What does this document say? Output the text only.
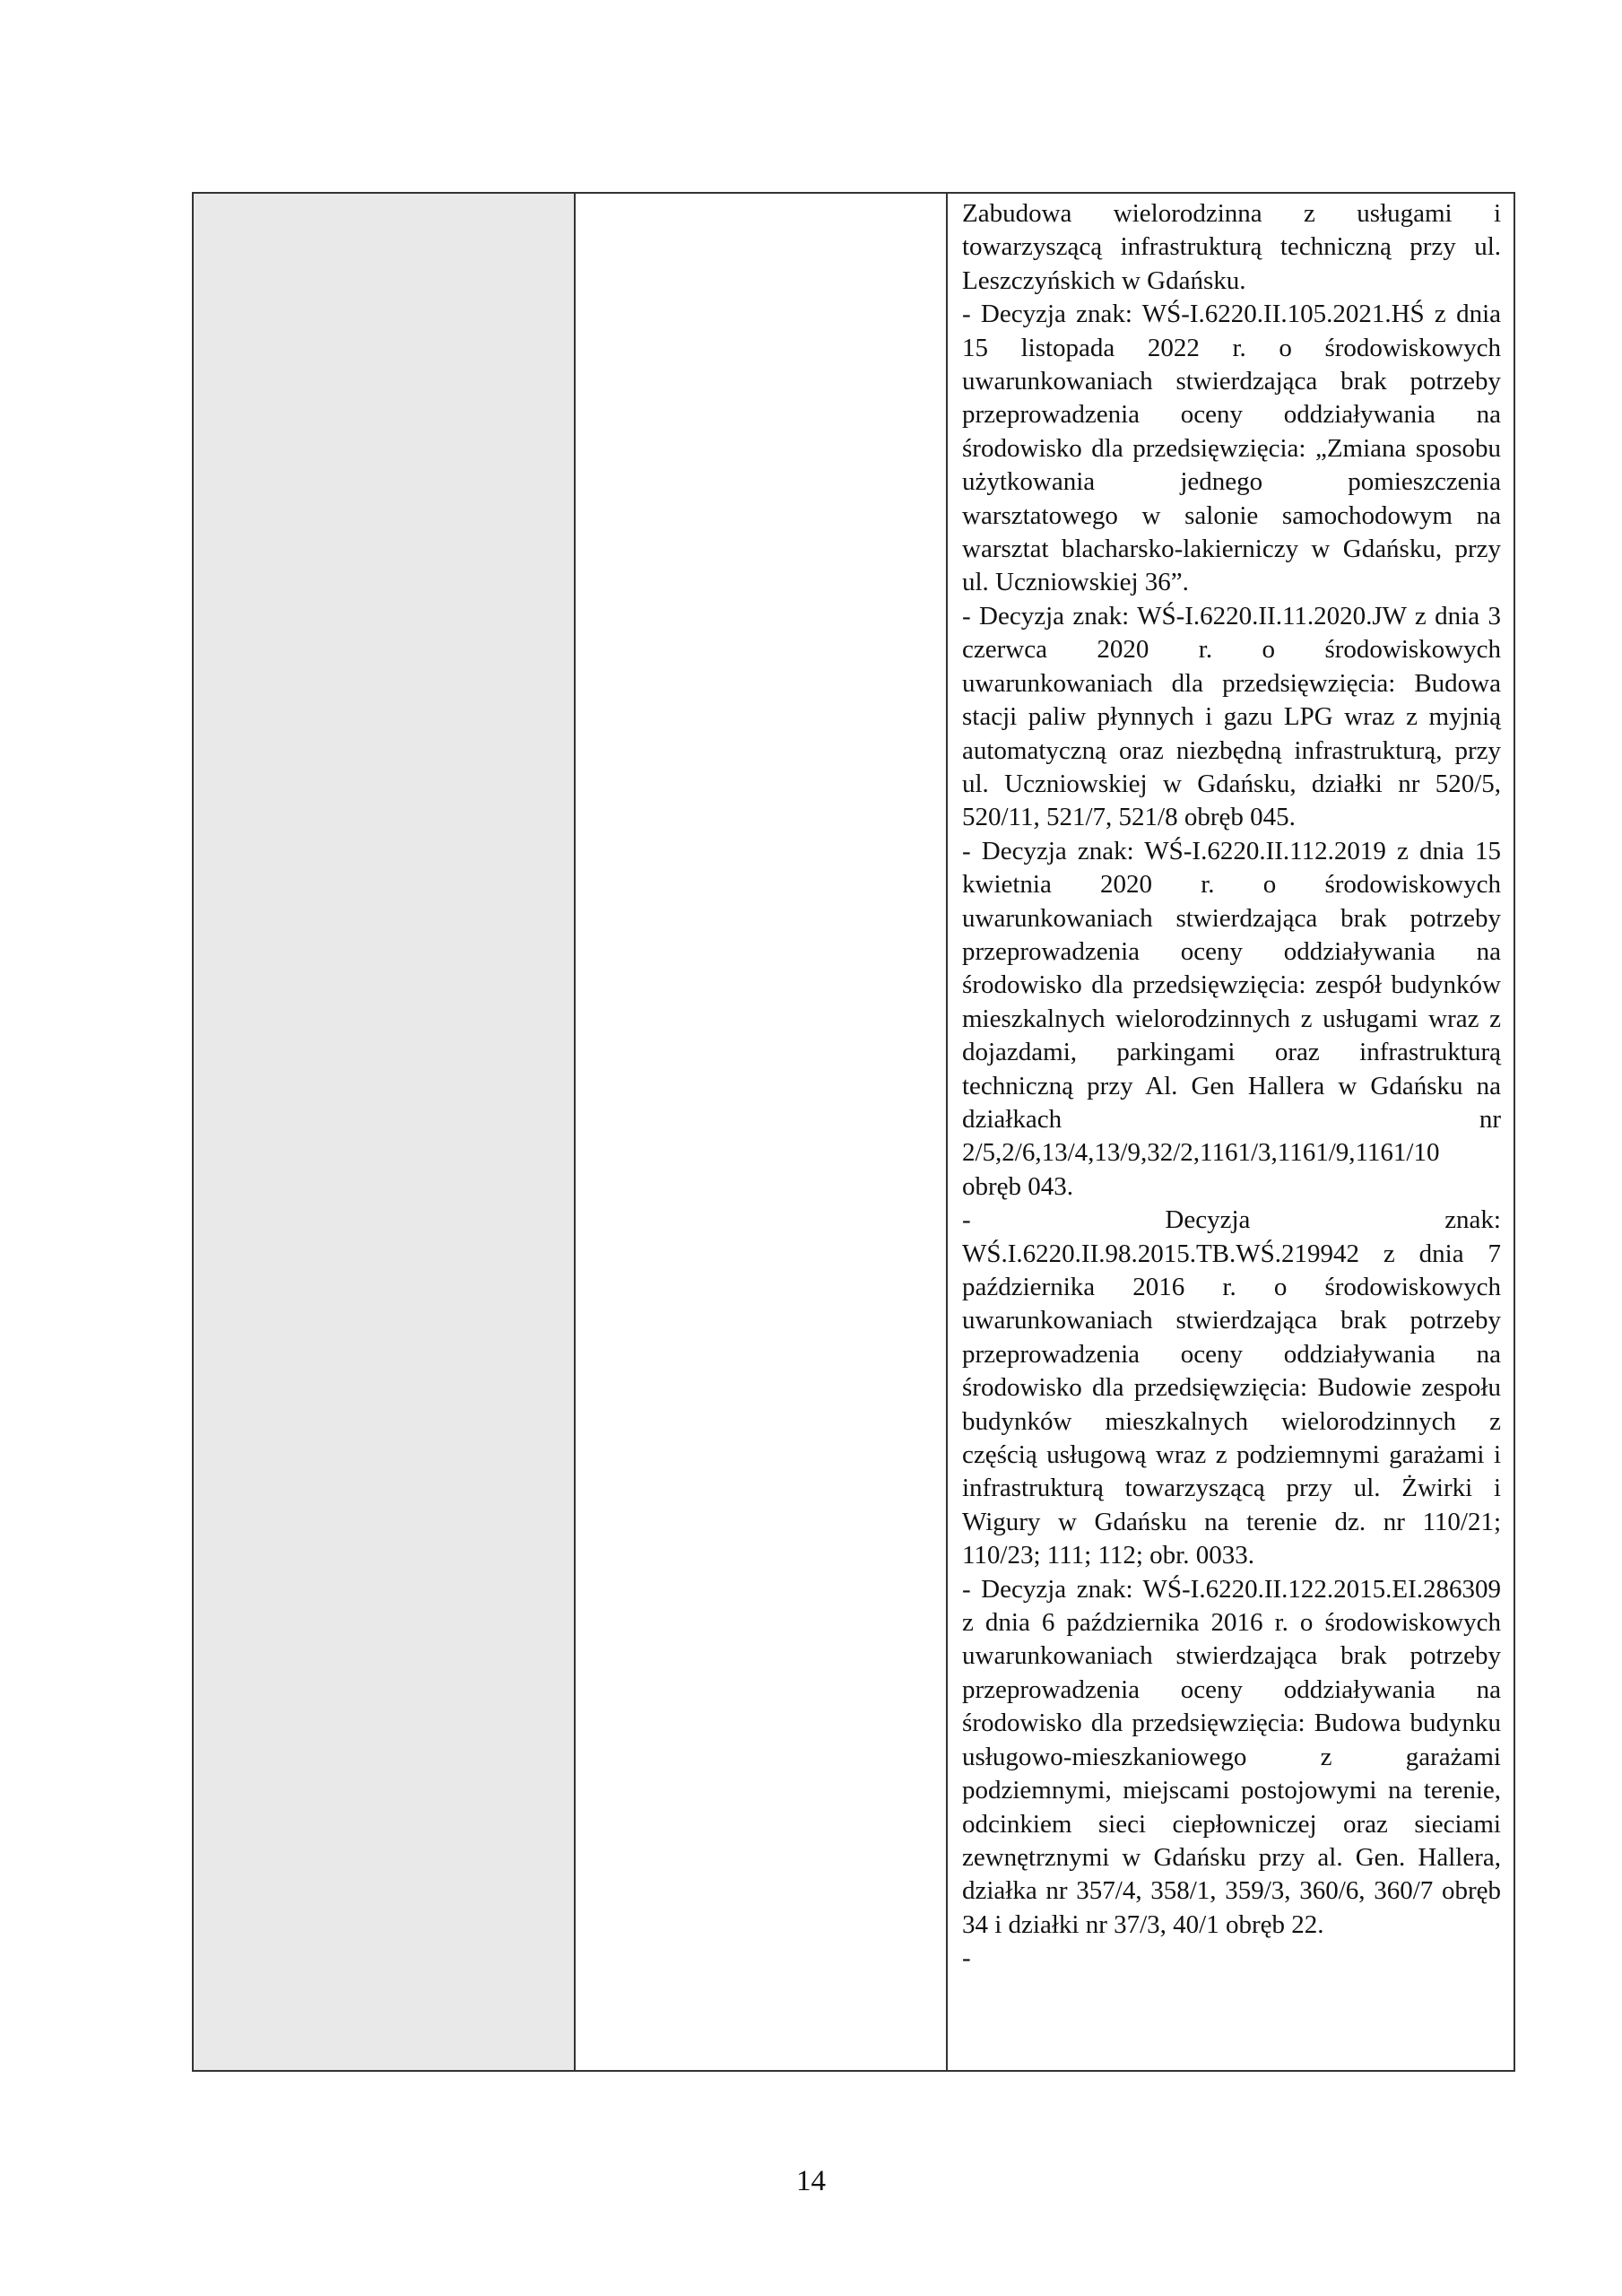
Zabudowa wielorodzinna z usługami i towarzyszącą infrastrukturą techniczną przy ul. Leszczyńskich w Gdańsku.

- Decyzja znak: WŚ-I.6220.II.105.2021.HŚ z dnia 15 listopada 2022 r. o środowiskowych uwarunkowaniach stwierdzająca brak potrzeby przeprowadzenia oceny oddziaływania na środowisko dla przedsięwzięcia: „Zmiana sposobu użytkowania jednego pomieszczenia warsztatowego w salonie samochodowym na warsztat blacharsko-lakierniczy w Gdańsku, przy ul. Uczniowskiej 36”.

- Decyzja znak: WŚ-I.6220.II.11.2020.JW z dnia 3 czerwca 2020 r. o środowiskowych uwarunkowaniach dla przedsięwzięcia: Budowa stacji paliw płynnych i gazu LPG wraz z myjnią automatyczną oraz niezbędną infrastrukturą, przy ul. Uczniowskiej w Gdańsku, działki nr 520/5, 520/11, 521/7, 521/8 obręb 045.

- Decyzja znak: WŚ-I.6220.II.112.2019 z dnia 15 kwietnia 2020 r. o środowiskowych uwarunkowaniach stwierdzająca brak potrzeby przeprowadzenia oceny oddziaływania na środowisko dla przedsięwzięcia: zespół budynków mieszkalnych wielorodzinnych z usługami wraz z dojazdami, parkingami oraz infrastrukturą techniczną przy Al. Gen Hallera w Gdańsku na działkach nr 2/5,2/6,13/4,13/9,32/2,1161/3,1161/9,1161/10 obręb 043.

- Decyzja znak: WŚ.I.6220.II.98.2015.TB.WŚ.219942 z dnia 7 października 2016 r. o środowiskowych uwarunkowaniach stwierdzająca brak potrzeby przeprowadzenia oceny oddziaływania na środowisko dla przedsięwzięcia: Budowie zespołu budynków mieszkalnych wielorodzinnych z częścią usługową wraz z podziemnymi garażami i infrastrukturą towarzyszącą przy ul. Żwirki i Wigury w Gdańsku na terenie dz. nr 110/21; 110/23; 111; 112; obr. 0033.

- Decyzja znak: WŚ-I.6220.II.122.2015.EI.286309 z dnia 6 października 2016 r. o środowiskowych uwarunkowaniach stwierdzająca brak potrzeby przeprowadzenia oceny oddziaływania na środowisko dla przedsięwzięcia: Budowa budynku usługowo-mieszkaniowego z garażami podziemnymi, miejscami postojowymi na terenie, odcinkiem sieci ciepłowniczej oraz sieciami zewnętrznymi w Gdańsku przy al. Gen. Hallera, działka nr 357/4, 358/1, 359/3, 360/6, 360/7 obręb 34 i działki nr 37/3, 40/1 obręb 22.

-

14
